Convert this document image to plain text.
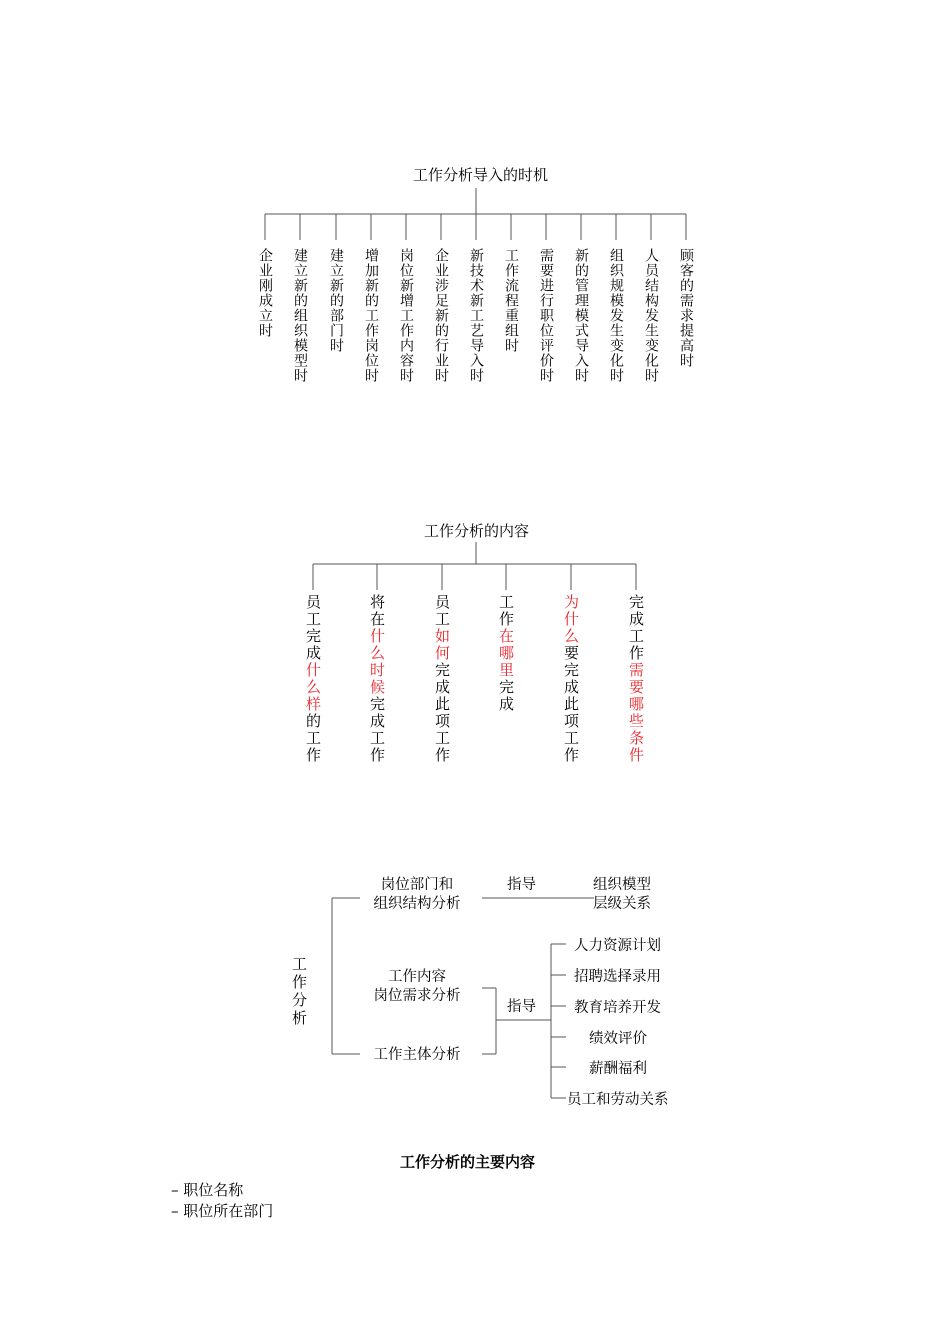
工作分析导入的时机
企业刚成立时 建立新的组织模型时 建立新的部门时 增加新的工作岗位时 岗位新增工作内容时 企业涉足新的行业时 新技术新工艺导入时 工作流程重组时 需要进行职位评价时 新的管理模式导入时 组织规模发生变化时 人员结构发生变化时 顾客的需求提高时
工作分析的内容
员工完成什么样的工作
将在什么时候完成工作
员工如何完成此项工作
工作在哪里完成
为什么要完成此项工作
完成工作需要哪些条件
工作分析
岗位部门和
组织结构分析
工作内容
岗位需求分析
工作主体分析
指导
指导
组织模型
层级关系
人力资源计划
招聘选择录用
教育培养开发
绩效评价
薪酬福利
员工和劳动关系
工作分析的主要内容
– 职位名称
– 职位所在部门
